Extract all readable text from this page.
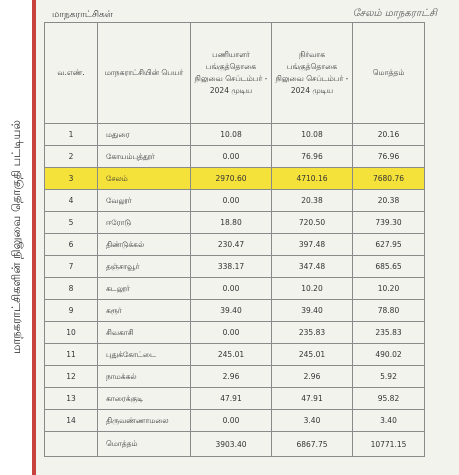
மாநகராட்சிகளின் நிலுவை தொகுதி பட்டியல்
மாநகராட்சிகள்	சேலம் மாநகராட்சி
வ.எண்.	மாநகராட்சியின் பெயர்	பணியாளர் பங்குத்தொகை நிலுவை செப்டம்பர் - 2024 முடிய	நிர்வாக பங்குத்தொகை நிலுவை செப்டம்பர் - 2024 முடிய	மொத்தம்
1	மதுரை	10.08	10.08	20.16
2	கோயம்புத்தூர்	0.00	76.96	76.96
3	சேலம்	2970.60	4710.16	7680.76
4	வேலூர்	0.00	20.38	20.38
5	ஈரோடு	18.80	720.50	739.30
6	திண்டுக்கல்	230.47	397.48	627.95
7	தஞ்சாவூர்	338.17	347.48	685.65
8	கடலூர்	0.00	10.20	10.20
9	கரூர்	39.40	39.40	78.80
10	சிவகாசி	0.00	235.83	235.83
11	புதுக்கோட்டை	245.01	245.01	490.02
12	நாமக்கல்	2.96	2.96	5.92
13	காரைக்குடி	47.91	47.91	95.82
14	திருவண்ணாமலை	0.00	3.40	3.40
	மொத்தம்	3903.40	6867.75	10771.15
